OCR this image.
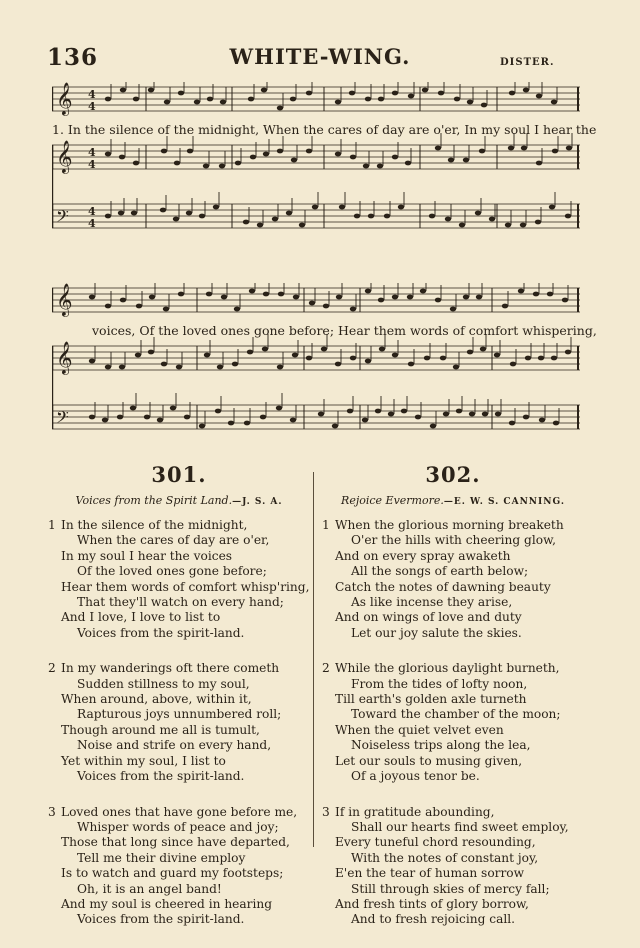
136	WHITE-WING.	DISTER.
𝄞 4
4
𝄞 4
4
𝄢 4
4
1. In the silence of the midnight, When the cares of day are o'er, In my soul I hear the
𝄞
𝄞
𝄢
voices, Of the loved ones gone before; Hear them words of comfort whispering,
301.
Voices from the Spirit Land.—J. S. A.
1 In the silence of the midnight,
When the cares of day are o'er,
In my soul I hear the voices
Of the loved ones gone before;
Hear them words of comfort whisp'ring,
That they'll watch on every hand;
And I love, I love to list to
Voices from the spirit-land.
2 In my wanderings oft there cometh
Sudden stillness to my soul,
When around, above, within it,
Rapturous joys unnumbered roll;
Though around me all is tumult,
Noise and strife on every hand,
Yet within my soul, I list to
Voices from the spirit-land.
3 Loved ones that have gone before me,
Whisper words of peace and joy;
Those that long since have departed,
Tell me their divine employ
Is to watch and guard my footsteps;
Oh, it is an angel band!
And my soul is cheered in hearing
Voices from the spirit-land.
302.
Rejoice Evermore.—E. W. S. CANNING.
1 When the glorious morning breaketh
O'er the hills with cheering glow,
And on every spray awaketh
All the songs of earth below;
Catch the notes of dawning beauty
As like incense they arise,
And on wings of love and duty
Let our joy salute the skies.
2 While the glorious daylight burneth,
From the tides of lofty noon,
Till earth's golden axle turneth
Toward the chamber of the moon;
When the quiet velvet even
Noiseless trips along the lea,
Let our souls to musing given,
Of a joyous tenor be.
3 If in gratitude abounding,
Shall our hearts find sweet employ,
Every tuneful chord resounding,
With the notes of constant joy,
E'en the tear of human sorrow
Still through skies of mercy fall;
And fresh tints of glory borrow,
And to fresh rejoicing call.
